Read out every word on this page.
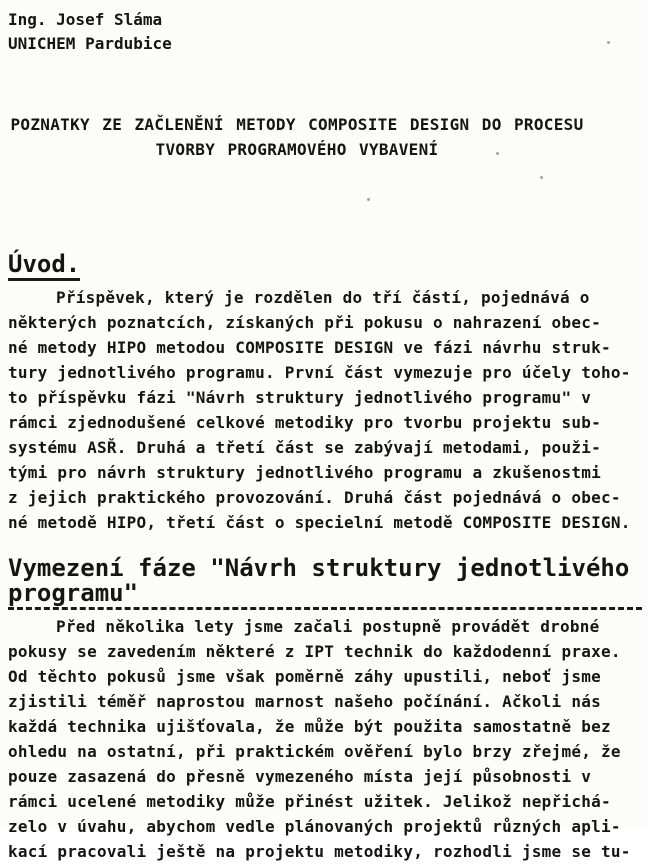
Ing. Josef Sláma
UNICHEM Pardubice
POZNATKY ZE ZAČLENĚNÍ METODY COMPOSITE DESIGN DO PROCESU
TVORBY PROGRAMOVÉHO VYBAVENÍ
Úvod.

Příspěvek, který je rozdělen do tří částí, pojednává o

některých poznatcích, získaných při pokusu o nahrazení obec-

né metody HIPO metodou COMPOSITE DESIGN ve fázi návrhu struk-

tury jednotlivého programu. První část vymezuje pro účely toho-

to příspěvku fázi "Návrh struktury jednotlivého programu" v

rámci zjednodušené celkové metodiky pro tvorbu projektu sub-

systému ASŘ. Druhá a třetí část se zabývají metodami, použi-

tými pro návrh struktury jednotlivého programu a zkušenostmi

z jejich praktického provozování. Druhá část pojednává o obec-

né metodě HIPO, třetí část o specielní metodě COMPOSITE DESIGN.

Vymezení fáze "Návrh struktury jednotlivého programu"

Před několika lety jsme začali postupně provádět drobné

pokusy se zavedením některé z IPT technik do každodenní praxe.

Od těchto pokusů jsme však poměrně záhy upustili, neboť jsme

zjistili téměř naprostou marnost našeho počínání. Ačkoli nás

každá technika ujišťovala, že může být použita samostatně bez

ohledu na ostatní, při praktickém ověření bylo brzy zřejmé, že

pouze zasazená do přesně vymezeného místa její působnosti v

rámci ucelené metodiky může přinést užitek. Jelikož nepřichá-

zelo v úvahu, abychom vedle plánovaných projektů různých apli-

kací pracovali ještě na projektu metodiky, rozhodli jsme se tu-
